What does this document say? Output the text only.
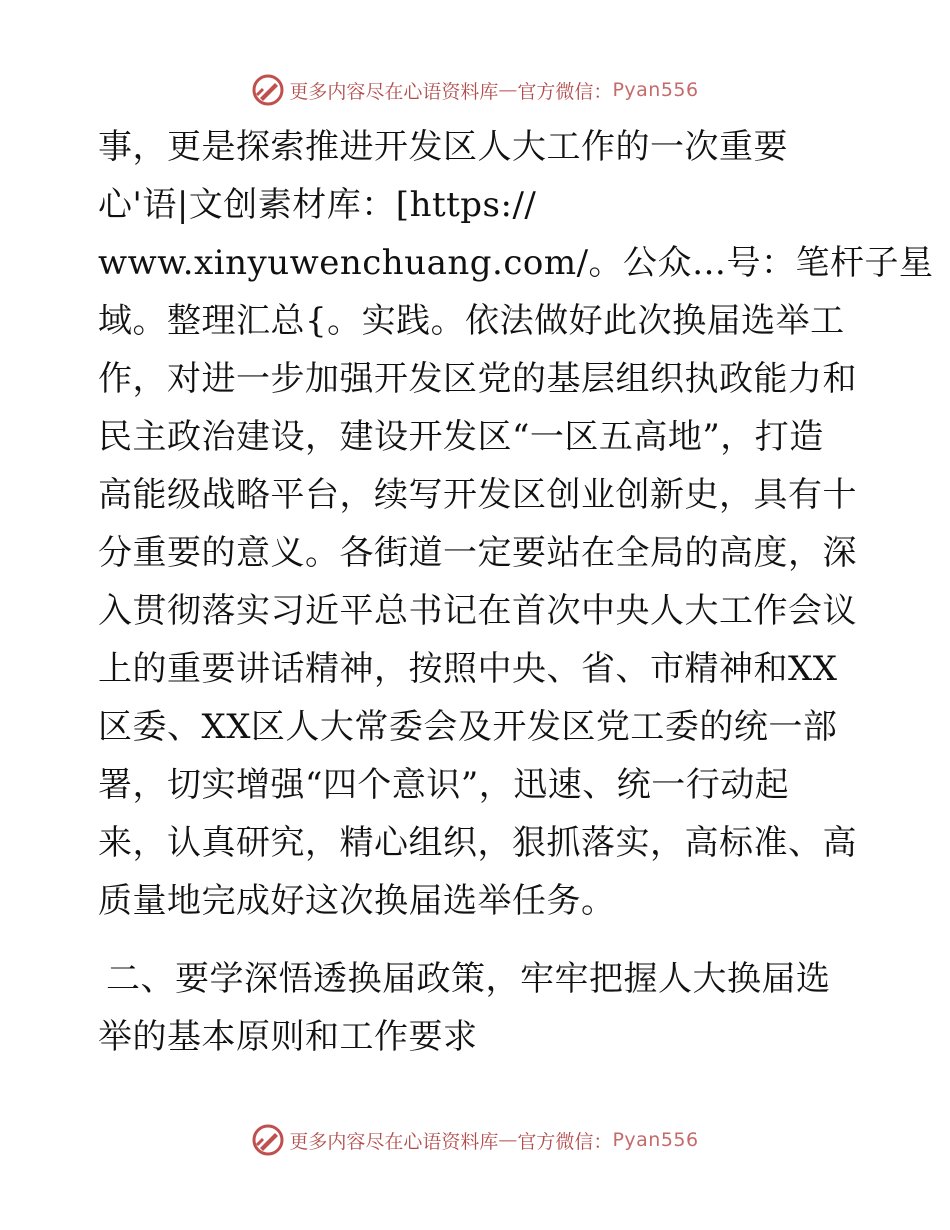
更多内容尽在心语资料库 — 官方微信： Pyan556
事，更是探索推进开发区人大工作的一次重要
心'语|文创素材库：[https://
www.xinyuwenchuang.com/。公众…号：笔杆子星
域。整理汇总{。实践。依法做好此次换届选举工
作，对进一步加强开发区党的基层组织执政能力和
民主政治建设，建设开发区“一区五高地”，打造
高能级战略平台，续写开发区创业创新史，具有十
分重要的意义。各街道一定要站在全局的高度，深
入贯彻落实习近平总书记在首次中央人大工作会议
上的重要讲话精神，按照中央、省、市精神和XX
区委、XX区人大常委会及开发区党工委的统一部
署，切实增强“四个意识”，迅速、统一行动起
来，认真研究，精心组织，狠抓落实，高标准、高
质量地完成好这次换届选举任务。
二、要学深悟透换届政策，牢牢把握人大换届选
举的基本原则和工作要求
更多内容尽在心语资料库 — 官方微信： Pyan556
